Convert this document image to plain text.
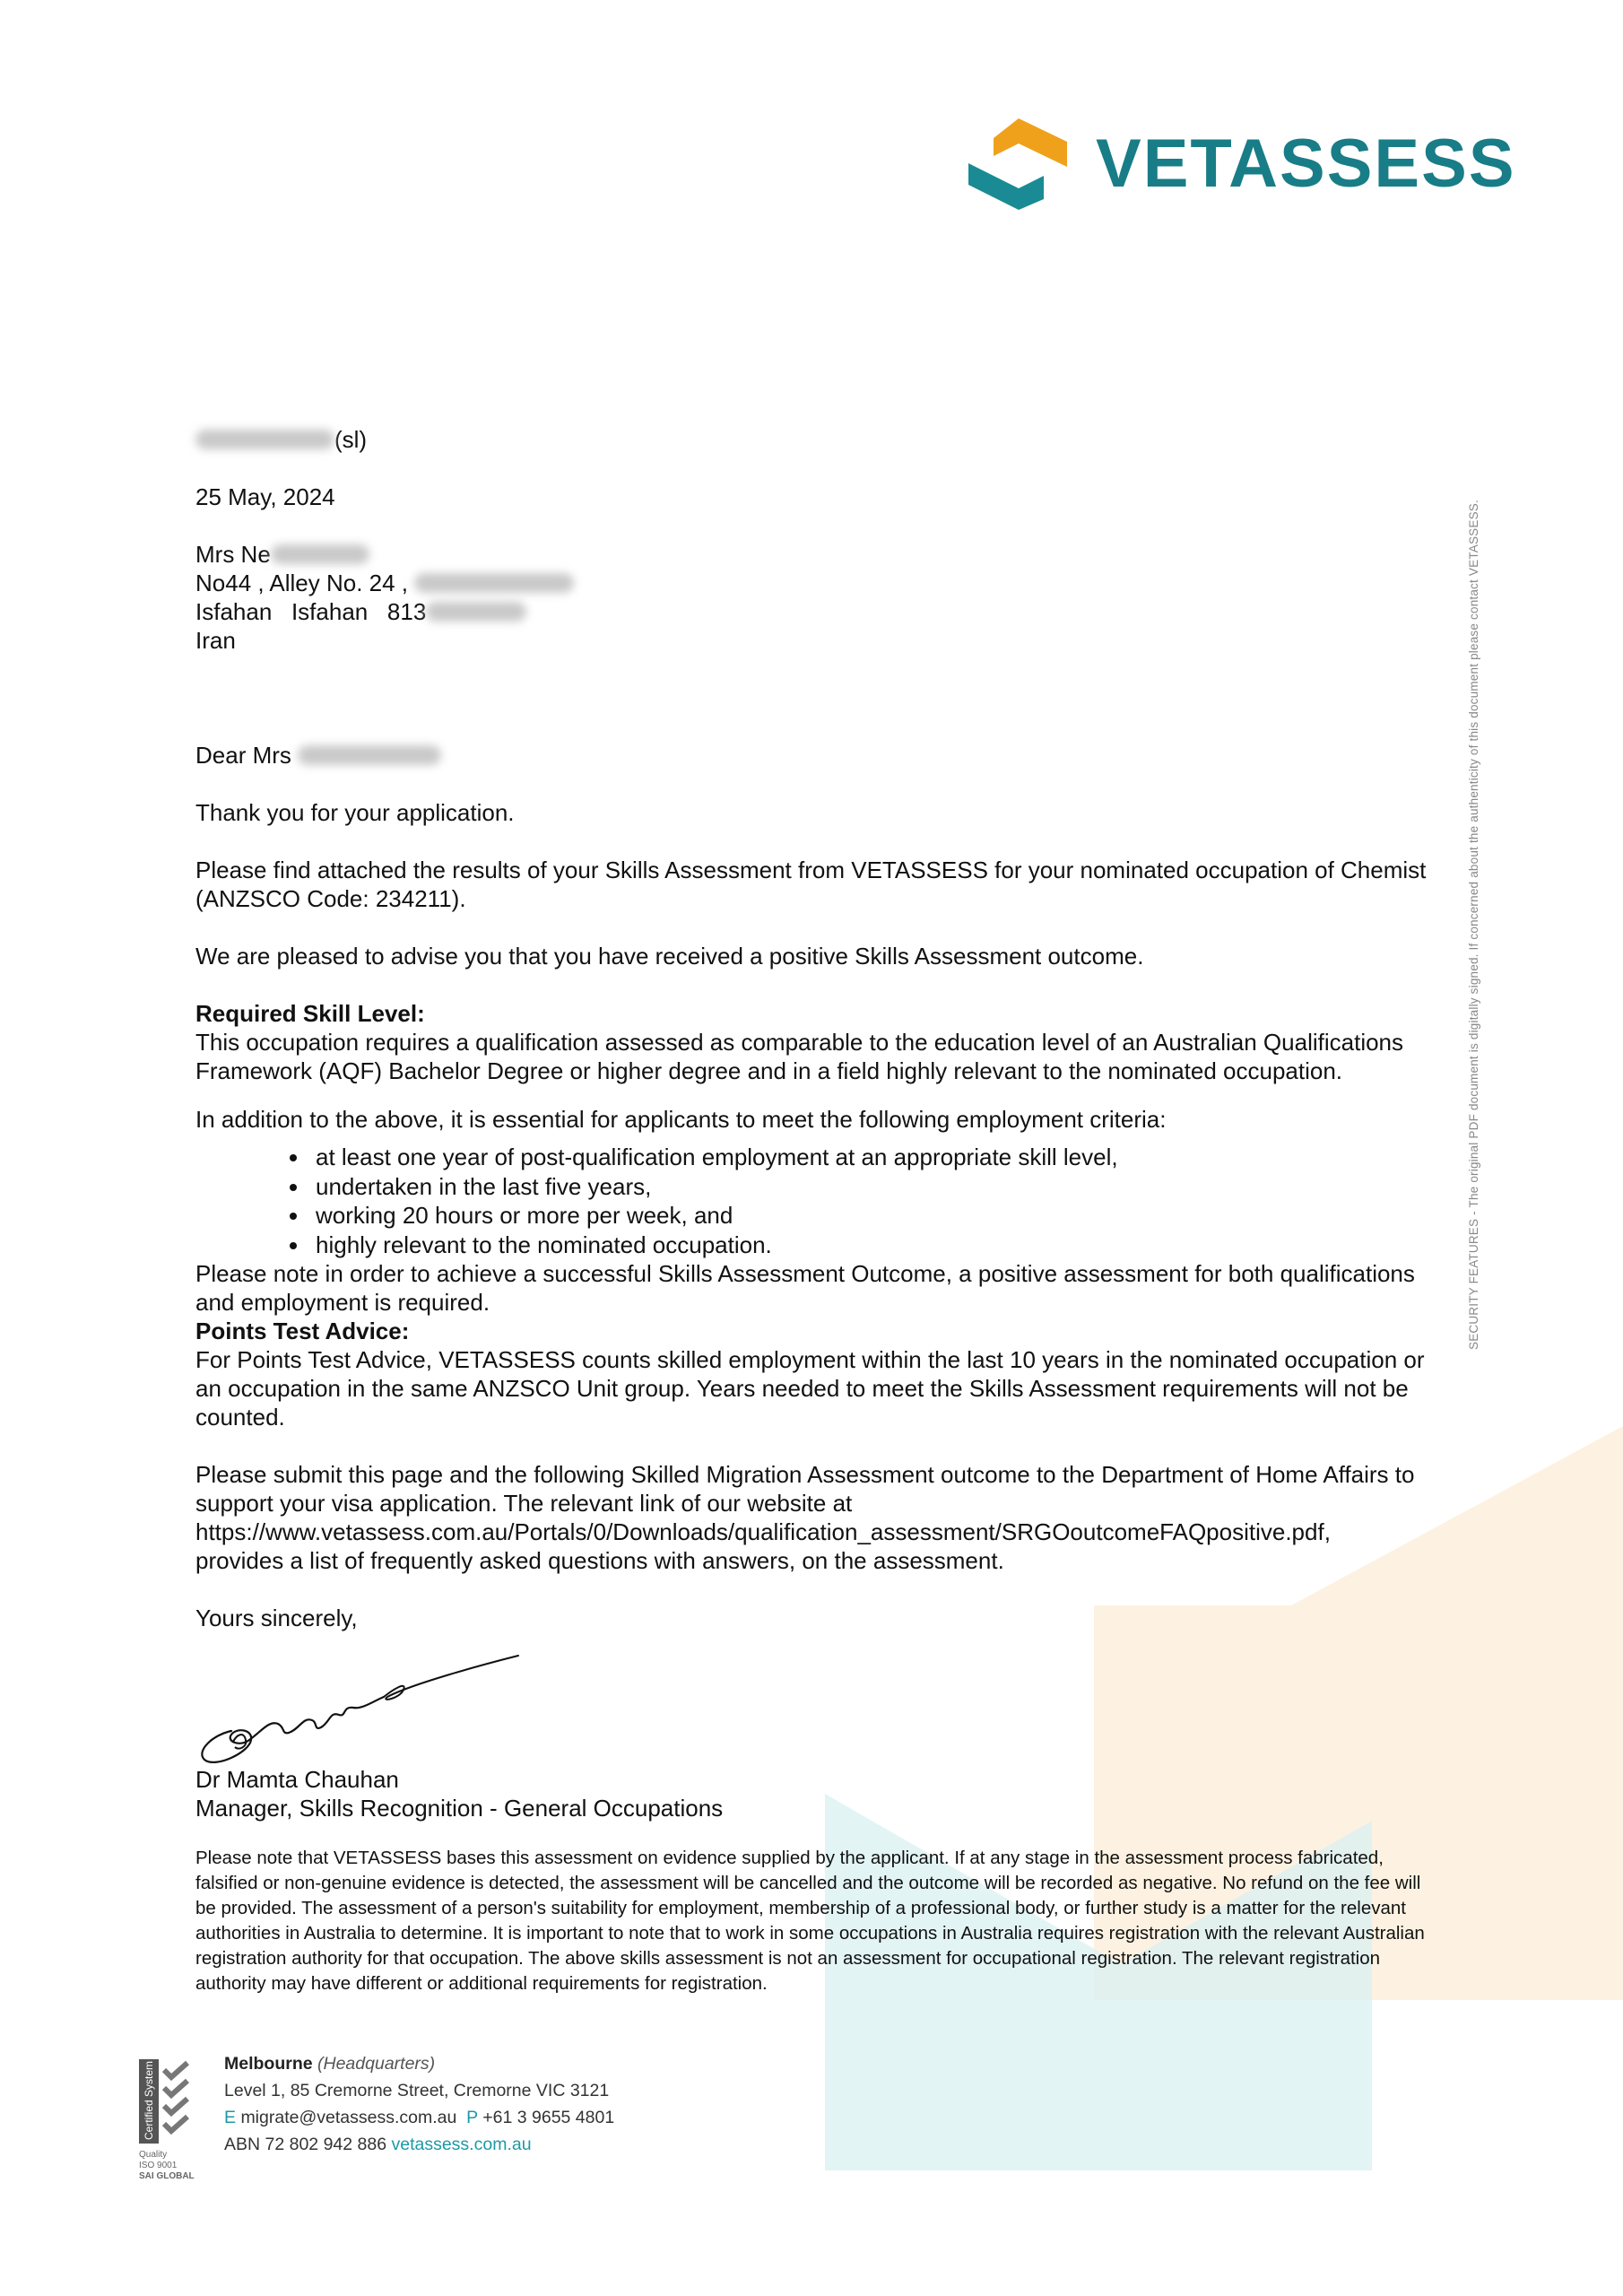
VETASSESS
SECURITY FEATURES - The original PDF document is digitally signed. If concerned about the authenticity of this document please contact VETASSESS.

(sl)

25 May, 2024

Mrs Ne

No44 , Alley No. 24 ,

Isfahan   Isfahan   813

Iran

Dear Mrs

Thank you for your application.

Please find attached the results of your Skills Assessment from VETASSESS for your nominated occupation of Chemist (ANZSCO Code: 234211).

We are pleased to advise you that you have received a positive Skills Assessment outcome.

Required Skill Level:

This occupation requires a qualification assessed as comparable to the education level of an Australian Qualifications Framework (AQF) Bachelor Degree or higher degree and in a field highly relevant to the nominated occupation.

In addition to the above, it is essential for applicants to meet the following employment criteria:

• at least one year of post-qualification employment at an appropriate skill level,
• undertaken in the last five years,
• working 20 hours or more per week, and
• highly relevant to the nominated occupation.

Please note in order to achieve a successful Skills Assessment Outcome, a positive assessment for both qualifications and employment is required.

Points Test Advice:

For Points Test Advice, VETASSESS counts skilled employment within the last 10 years in the nominated occupation or an occupation in the same ANZSCO Unit group. Years needed to meet the Skills Assessment requirements will not be counted.

Please submit this page and the following Skilled Migration Assessment outcome to the Department of Home Affairs to support your visa application. The relevant link of our website at
https://www.vetassess.com.au/Portals/0/Downloads/qualification_assessment/SRGOoutcomeFAQpositive.pdf,
provides a list of frequently asked questions with answers, on the assessment.

Yours sincerely,

Dr Mamta Chauhan

Manager, Skills Recognition - General Occupations

Please note that VETASSESS bases this assessment on evidence supplied by the applicant. If at any stage in the assessment process fabricated, falsified or non-genuine evidence is detected, the assessment will be cancelled and the outcome will be recorded as negative. No refund on the fee will be provided. The assessment of a person's suitability for employment, membership of a professional body, or further study is a matter for the relevant authorities in Australia to determine. It is important to note that to work in some occupations in Australia requires registration with the relevant Australian registration authority for that occupation. The above skills assessment is not an assessment for occupational registration. The relevant registration authority may have different or additional requirements for registration.

Certified System
Quality
ISO 9001
SAI GLOBAL
Melbourne (Headquarters)
Level 1, 85 Cremorne Street, Cremorne VIC 3121
E migrate@vetassess.com.au P +61 3 9655 4801
ABN 72 802 942 886 vetassess.com.au
